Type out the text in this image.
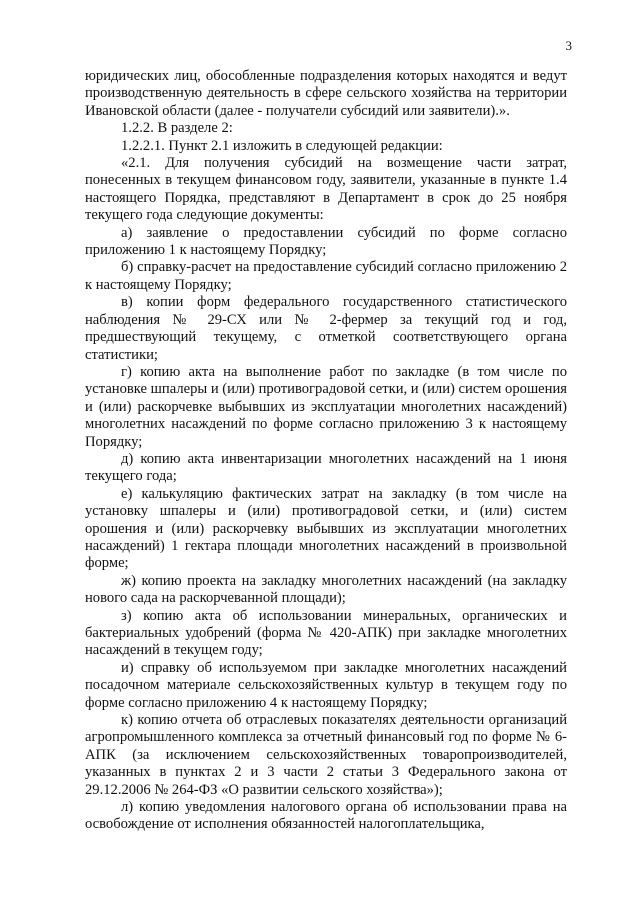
3

юридических лиц, обособленные подразделения которых находятся и ведут производственную деятельность в сфере сельского хозяйства на территории Ивановской области (далее - получатели субсидий или заявители).».

1.2.2. В разделе 2:

1.2.2.1. Пункт 2.1 изложить в следующей редакции:

«2.1. Для получения субсидий на возмещение части затрат, понесенных в текущем финансовом году, заявители, указанные в пункте 1.4 настоящего Порядка, представляют в Департамент в срок до 25 ноября текущего года следующие документы:

а) заявление о предоставлении субсидий по форме согласно приложению 1 к настоящему Порядку;

б) справку-расчет на предоставление субсидий согласно приложению 2 к настоящему Порядку;

в) копии форм федерального государственного статистического наблюдения № 29-СХ или № 2-фермер за текущий год и год, предшествующий текущему, с отметкой соответствующего органа статистики;

г) копию акта на выполнение работ по закладке (в том числе по установке шпалеры и (или) противоградовой сетки, и (или) систем орошения и (или) раскорчевке выбывших из эксплуатации многолетних насаждений) многолетних насаждений по форме согласно приложению 3 к настоящему Порядку;

д) копию акта инвентаризации многолетних насаждений на 1 июня текущего года;

е) калькуляцию фактических затрат на закладку (в том числе на установку шпалеры и (или) противоградовой сетки, и (или) систем орошения и (или) раскорчевку выбывших из эксплуатации многолетних насаждений) 1 гектара площади многолетних насаждений в произвольной форме;

ж) копию проекта на закладку многолетних насаждений (на закладку нового сада на раскорчеванной площади);

з) копию акта об использовании минеральных, органических и бактериальных удобрений (форма № 420-АПК) при закладке многолетних насаждений в текущем году;

и) справку об используемом при закладке многолетних насаждений посадочном материале сельскохозяйственных культур в текущем году по форме согласно приложению 4 к настоящему Порядку;

к) копию отчета об отраслевых показателях деятельности организаций агропромышленного комплекса за отчетный финансовый год по форме № 6-АПК (за исключением сельскохозяйственных товаропроизводителей, указанных в пунктах 2 и 3 части 2 статьи 3 Федерального закона от 29.12.2006 № 264-ФЗ «О развитии сельского хозяйства»);

л) копию уведомления налогового органа об использовании права на освобождение от исполнения обязанностей налогоплательщика,
